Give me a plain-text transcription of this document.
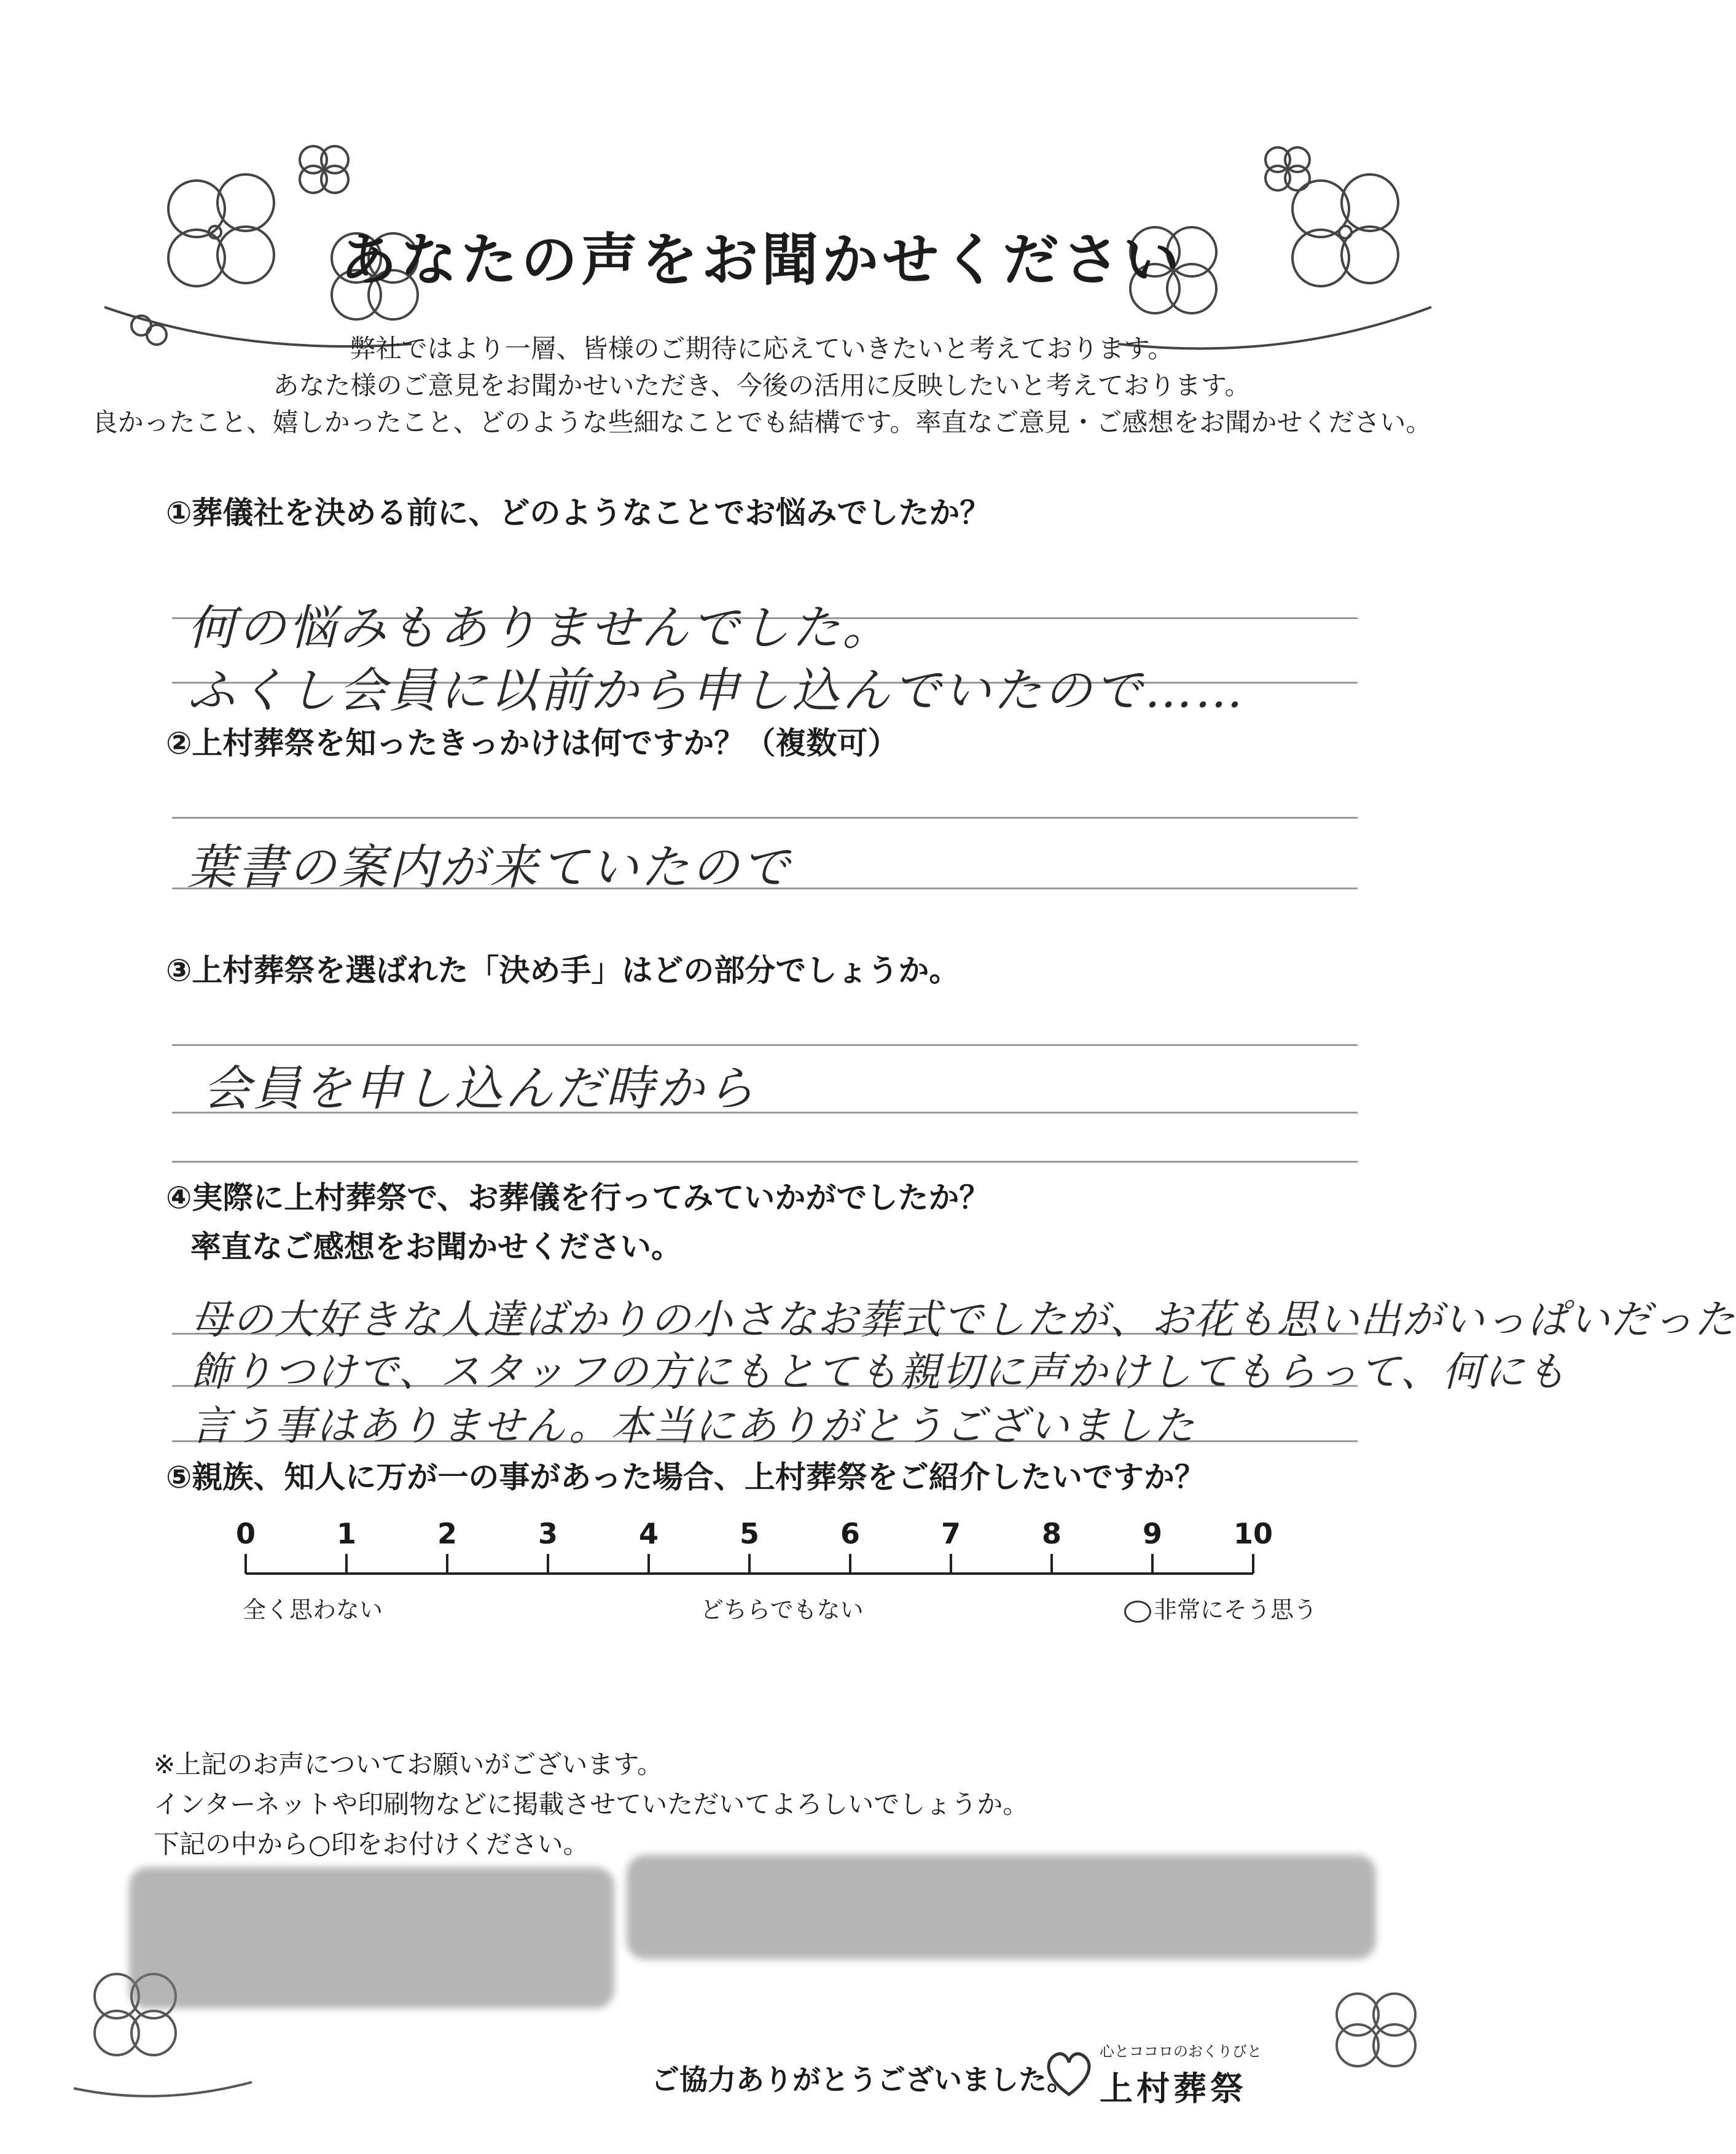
あなたの声をお聞かせください
弊社ではより一層、皆様のご期待に応えていきたいと考えております。
あなた様のご意見をお聞かせいただき、今後の活用に反映したいと考えております。
良かったこと、嬉しかったこと、どのような些細なことでも結構です。率直なご意見・ご感想をお聞かせください。
①葬儀社を決める前に、どのようなことでお悩みでしたか？
何の悩みもありませんでした。
ふくし会員に以前から申し込んでいたので……
②上村葬祭を知ったきっかけは何ですか？（複数可）
葉書の案内が来ていたので
③上村葬祭を選ばれた「決め手」はどの部分でしょうか。
会員を申し込んだ時から
④実際に上村葬祭で、お葬儀を行ってみていかがでしたか？
率直なご感想をお聞かせください。
母の大好きな人達ばかりの小さなお葬式でしたが、お花も思い出がいっぱいだった
飾りつけで、スタッフの方にもとても親切に声かけしてもらって、何にも
言う事はありません。本当にありがとうございました
⑤親族、知人に万が一の事があった場合、上村葬祭をご紹介したいですか？
0	1	2	3	4	5	6	7	8	9	10
全く思わない	どちらでもない	非常にそう思う
※上記のお声についてお願いがございます。
インターネットや印刷物などに掲載させていただいてよろしいでしょうか。
下記の中から○印をお付けください。
ご協力ありがとうございました。
心とココロのおくりびと
上村葬祭
